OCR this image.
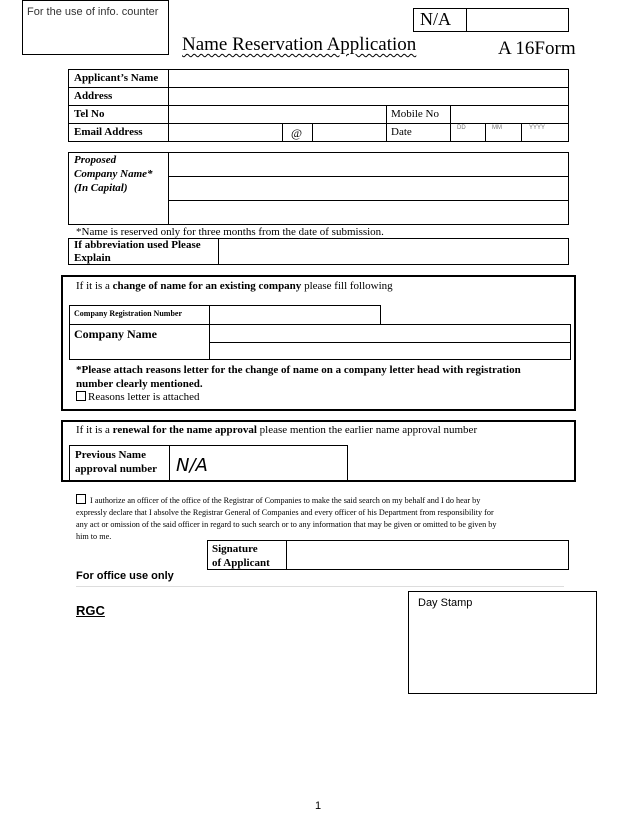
For the use of info. counter	N/A
Name Reservation Application	A 16Form
Applicant’s Name
Address
Tel No	Mobile No
Email Address	@	Date	DD	MM	YYYY
Proposed
Company Name*
(In Capital)
*Name is reserved only for three months from the date of submission.
If abbreviation used Please
Explain
If it is a change of name for an existing company please fill following
Company Registration Number
Company Name
*Please attach reasons letter for the change of name on a company letter head with registration
number clearly mentioned.
Reasons letter is attached
If it is a renewal for the name approval please mention the earlier name approval number
Previous Name
approval number N/A
I authorize an officer of the office of the Registrar of Companies to make the said search on my behalf and I do hear by
expressly declare that I absolve the Registrar General of Companies and every officer of his Department from responsibility for
any act or omission of the said officer in regard to such search or to any information that may be given or omitted to be given by
him to me.
Signature
of Applicant
For office use only
RGC	Day Stamp
1
